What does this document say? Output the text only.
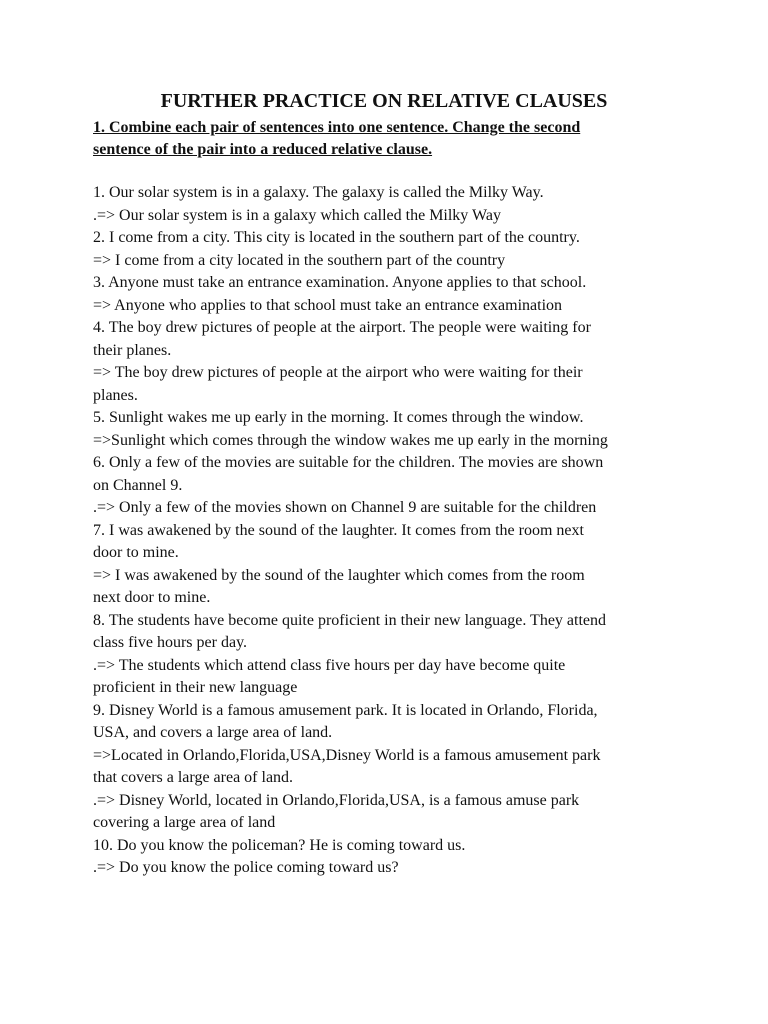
FURTHER PRACTICE ON RELATIVE CLAUSES
1. Combine each pair of sentences into one sentence. Change the second
sentence of the pair into a reduced relative clause.
1. Our solar system is in a galaxy. The galaxy is called the Milky Way.
.=> Our solar system is in a galaxy which called the Milky Way
2. I come from a city. This city is located in the southern part of the country.
=> I come from a city located in the southern part of the country
3. Anyone must take an entrance examination. Anyone applies to that school.
=> Anyone who applies to that school must take an entrance examination
4. The boy drew pictures of people at the airport. The people were waiting for
their planes.
=> The boy drew pictures of people at the airport who were waiting for their
planes.
5. Sunlight wakes me up early in the morning. It comes through the window.
=>Sunlight which comes through the window wakes me up early in the morning
6. Only a few of the movies are suitable for the children. The movies are shown
on Channel 9.
.=> Only a few of the movies shown on Channel 9 are suitable for the children
7. I was awakened by the sound of the laughter. It comes from the room next
door to mine.
=> I was awakened by the sound of the laughter which comes from the room
next door to mine.
8. The students have become quite proficient in their new language. They attend
class five hours per day.
.=> The students which attend class five hours per day have become quite
proficient in their new language
9. Disney World is a famous amusement park. It is located in Orlando, Florida,
USA, and covers a large area of land.
=>Located in Orlando,Florida,USA,Disney World is a famous amusement park
that covers a large area of land.
.=> Disney World, located in Orlando,Florida,USA, is a famous amuse park
covering a large area of land
10. Do you know the policeman? He is coming toward us.
.=> Do you know the police coming toward us?
